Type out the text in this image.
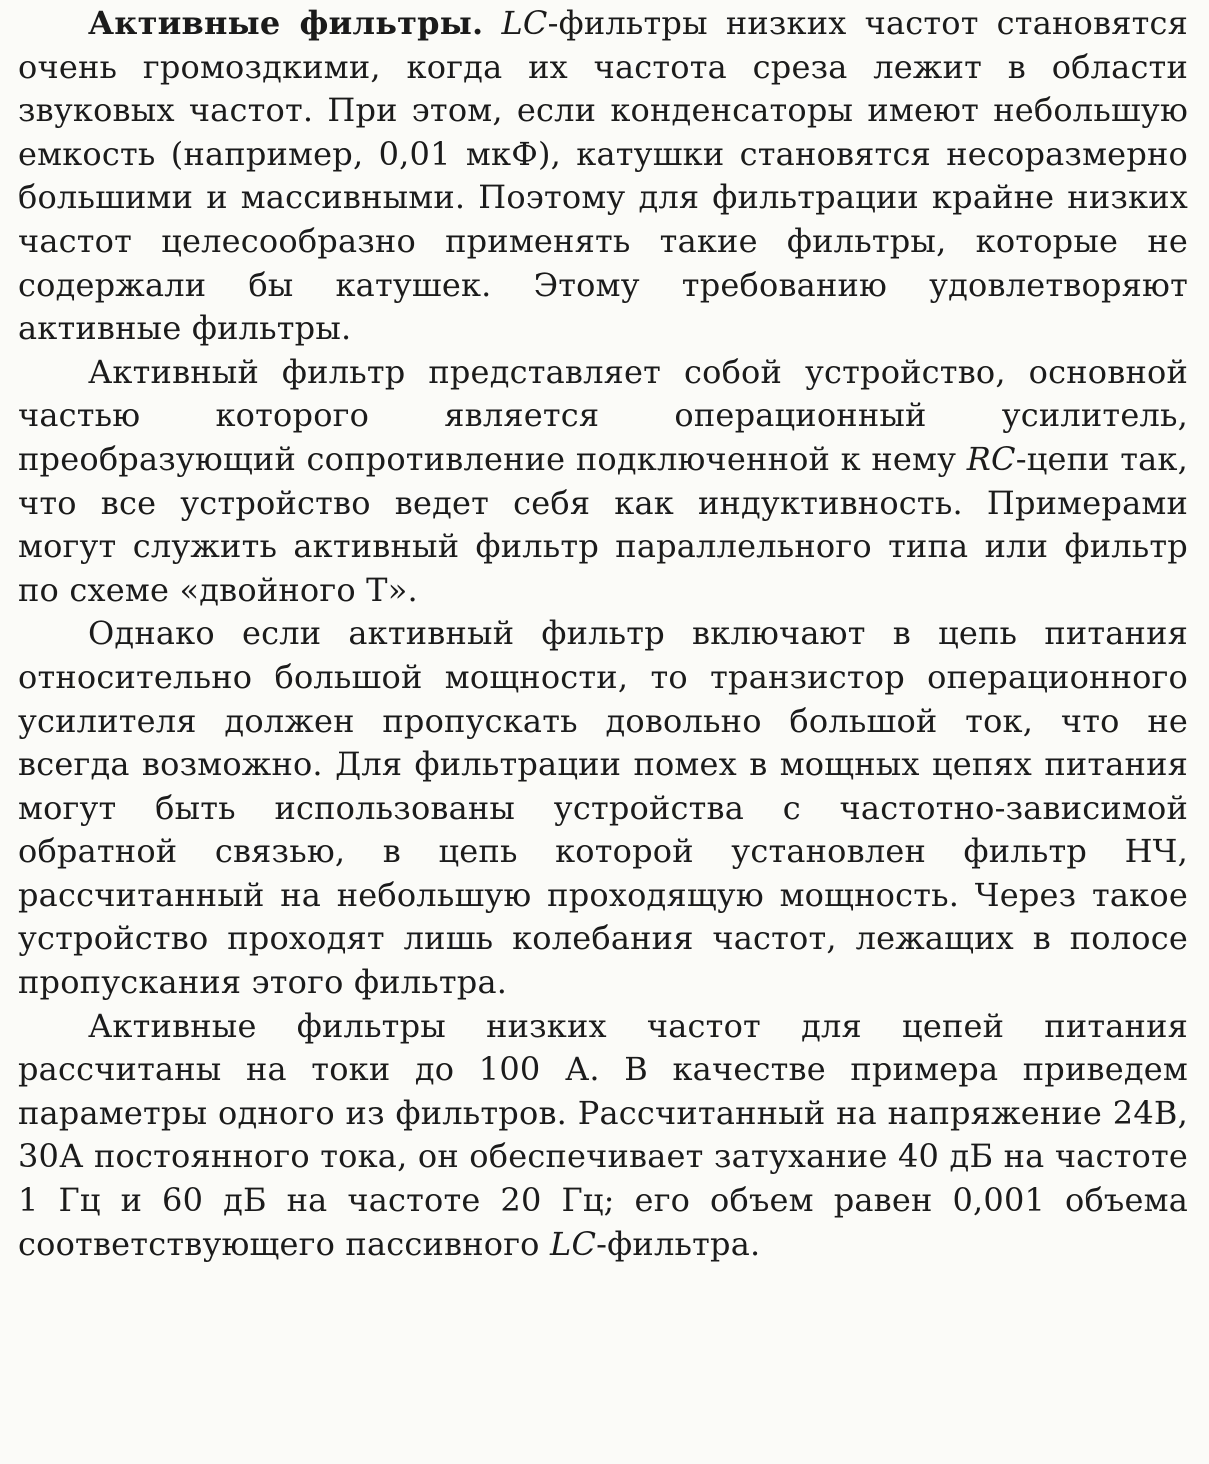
Активные фильтры. LC-фильтры низких частот становятся очень громоздкими, когда их частота среза лежит в области звуковых частот. При этом, если конденсаторы имеют небольшую емкость (например, 0,01 мкФ), катушки становятся несоразмерно большими и массивными. Поэтому для фильтрации крайне низких частот целесообразно применять такие фильтры, которые не содержали бы катушек. Этому требованию удовлетворяют активные фильтры.

Активный фильтр представляет собой устройство, основной частью которого является операционный усилитель, преобразующий сопротивление подключенной к нему RC-цепи так, что все устройство ведет себя как индуктивность. Примерами могут служить активный фильтр параллельного типа или фильтр по схеме «двойного Т».

Однако если активный фильтр включают в цепь питания относительно большой мощности, то транзистор операционного усилителя должен пропускать довольно большой ток, что не всегда возможно. Для фильтрации помех в мощных цепях питания могут быть использованы устройства с частотно-зависимой обратной связью, в цепь которой установлен фильтр НЧ, рассчитанный на небольшую проходящую мощность. Через такое устройство проходят лишь колебания частот, лежащих в полосе пропускания этого фильтра.

Активные фильтры низких частот для цепей питания рассчитаны на токи до 100 А. В качестве примера приведем параметры одного из фильтров. Рассчитанный на напряжение 24В, 30А постоянного тока, он обеспечивает затухание 40 дБ на частоте 1 Гц и 60 дБ на частоте 20 Гц; его объем равен 0,001 объема соответствующего пассивного LC-фильтра.
